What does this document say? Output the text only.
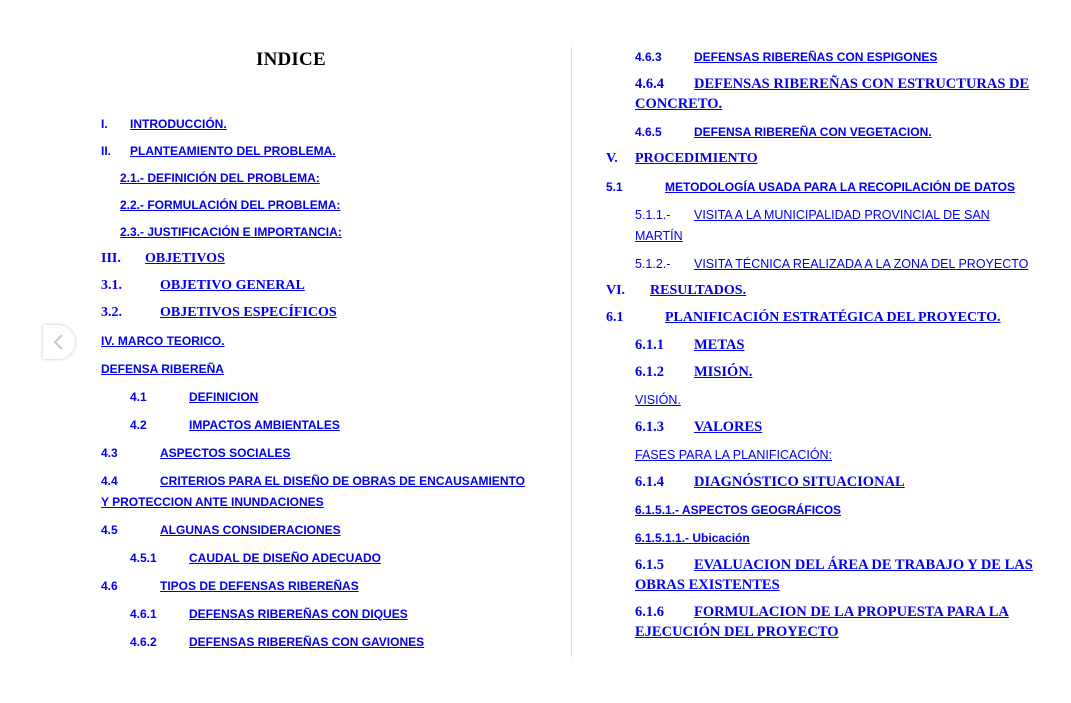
INDICE
I. INTRODUCCIÓN.
II. PLANTEAMIENTO DEL PROBLEMA.
2.1.- DEFINICIÓN DEL PROBLEMA:
2.2.- FORMULACIÓN DEL PROBLEMA:
2.3.- JUSTIFICACIÓN E IMPORTANCIA:
III. OBJETIVOS
3.1.	OBJETIVO GENERAL
3.2.	OBJETIVOS ESPECÍFICOS
IV. MARCO TEORICO.
DEFENSA RIBEREÑA
4.1	DEFINICION
4.2	IMPACTOS AMBIENTALES
4.3	ASPECTOS SOCIALES
4.4	CRITERIOS PARA EL DISEÑO DE OBRAS DE ENCAUSAMIENTO
Y PROTECCION ANTE INUNDACIONES
4.5	ALGUNAS CONSIDERACIONES
4.5.1	CAUDAL DE DISEÑO ADECUADO
4.6	TIPOS DE DEFENSAS RIBEREÑAS
4.6.1	DEFENSAS RIBEREÑAS CON DIQUES
4.6.2	DEFENSAS RIBEREÑAS CON GAVIONES
4.6.3	DEFENSAS RIBEREÑAS CON ESPIGONES
4.6.4 DEFENSAS RIBEREÑAS CON ESTRUCTURAS DE
CONCRETO.
4.6.5	DEFENSA RIBEREÑA CON VEGETACION.
V. PROCEDIMIENTO
5.1	METODOLOGÍA USADA PARA LA RECOPILACIÓN DE DATOS
5.1.1.- VISITA A LA MUNICIPALIDAD PROVINCIAL DE SAN
MARTÍN
5.1.2.- VISITA TÉCNICA REALIZADA A LA ZONA DEL PROYECTO
VI. RESULTADOS.
6.1	PLANIFICACIÓN ESTRATÉGICA DEL PROYECTO.
6.1.1 METAS
6.1.2 MISIÓN.
VISIÓN.
6.1.3 VALORES
FASES PARA LA PLANIFICACIÓN:
6.1.4 DIAGNÓSTICO SITUACIONAL
6.1.5.1.- ASPECTOS GEOGRÁFICOS
6.1.5.1.1.- Ubicación
6.1.5 EVALUACION DEL ÁREA DE TRABAJO Y DE LAS
OBRAS EXISTENTES
6.1.6 FORMULACION DE LA PROPUESTA PARA LA
EJECUCIÓN DEL PROYECTO
